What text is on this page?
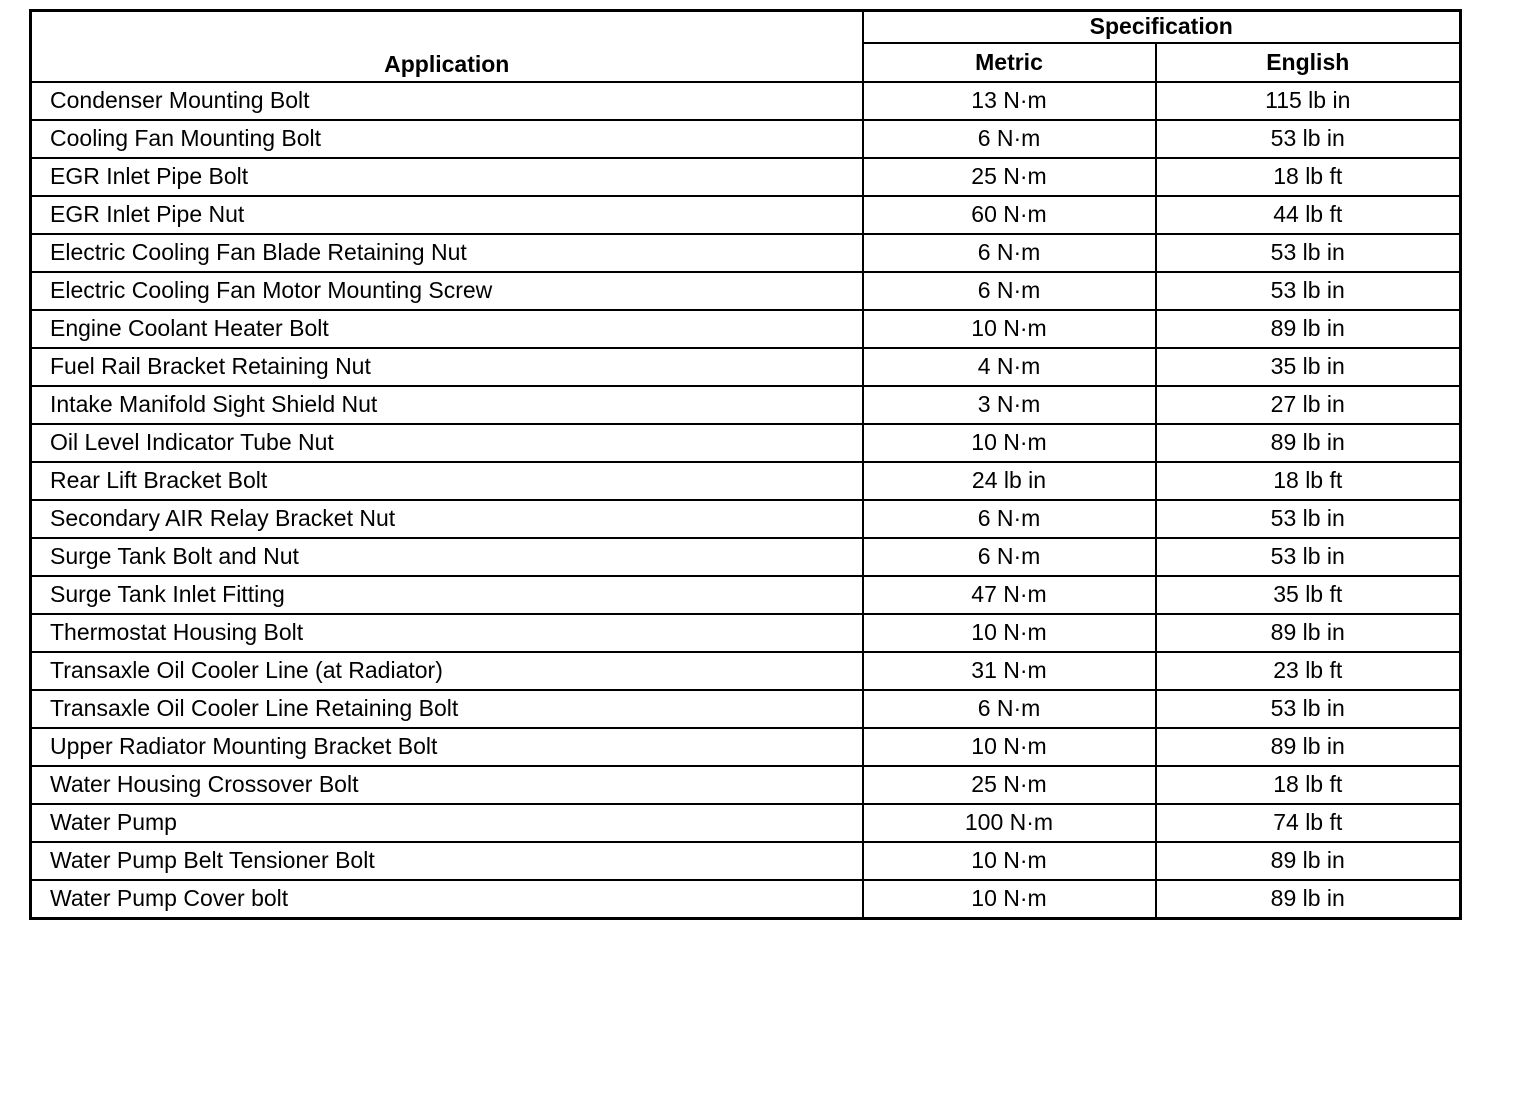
Application	Specification	
	Metric	English
Condenser Mounting Bolt	13 N·m	115 lb in
Cooling Fan Mounting Bolt	6 N·m	53 lb in
EGR Inlet Pipe Bolt	25 N·m	18 lb ft
EGR Inlet Pipe Nut	60 N·m	44 lb ft
Electric Cooling Fan Blade Retaining Nut	6 N·m	53 lb in
Electric Cooling Fan Motor Mounting Screw	6 N·m	53 lb in
Engine Coolant Heater Bolt	10 N·m	89 lb in
Fuel Rail Bracket Retaining Nut	4 N·m	35 lb in
Intake Manifold Sight Shield Nut	3 N·m	27 lb in
Oil Level Indicator Tube Nut	10 N·m	89 lb in
Rear Lift Bracket Bolt	24 lb in	18 lb ft
Secondary AIR Relay Bracket Nut	6 N·m	53 lb in
Surge Tank Bolt and Nut	6 N·m	53 lb in
Surge Tank Inlet Fitting	47 N·m	35 lb ft
Thermostat Housing Bolt	10 N·m	89 lb in
Transaxle Oil Cooler Line (at Radiator)	31 N·m	23 lb ft
Transaxle Oil Cooler Line Retaining Bolt	6 N·m	53 lb in
Upper Radiator Mounting Bracket Bolt	10 N·m	89 lb in
Water Housing Crossover Bolt	25 N·m	18 lb ft
Water Pump	100 N·m	74 lb ft
Water Pump Belt Tensioner Bolt	10 N·m	89 lb in
Water Pump Cover bolt	10 N·m	89 lb in
